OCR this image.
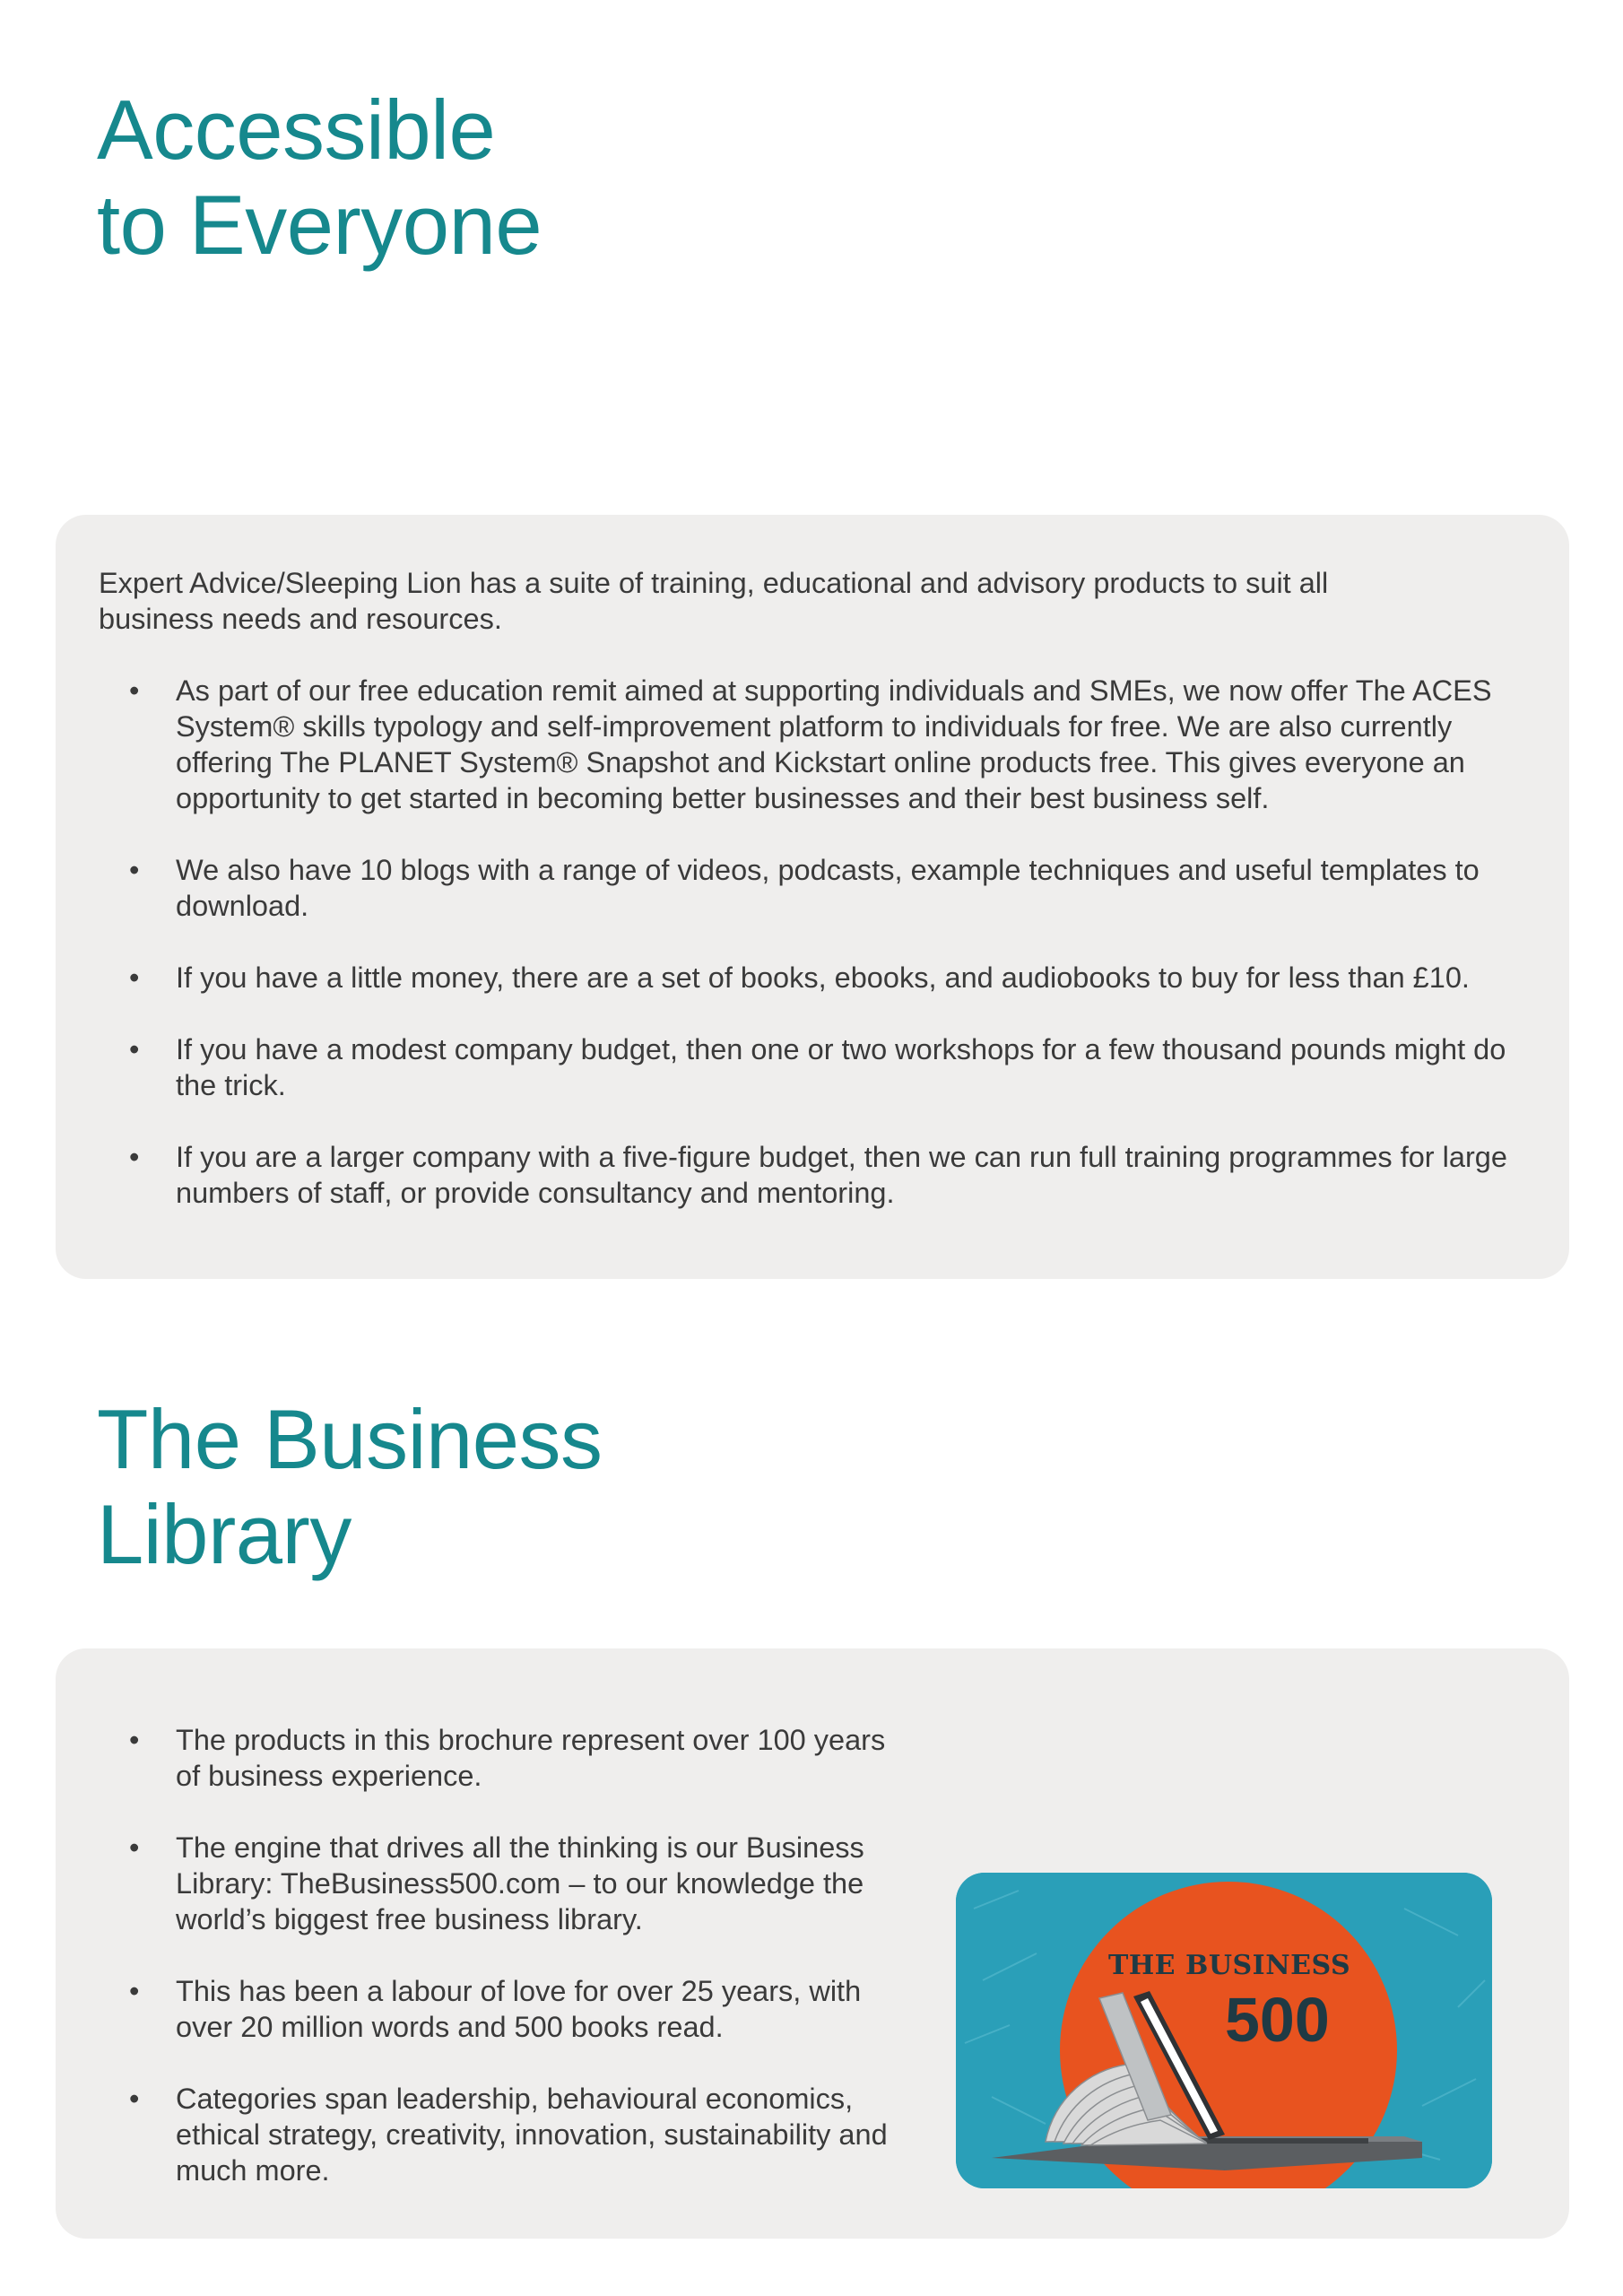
Accessible
to Everyone

Expert Advice/Sleeping Lion has a suite of training, educational and advisory products to suit all business needs and resources.

• As part of our free education remit aimed at supporting individuals and SMEs, we now offer The ACES System® skills typology and self-improvement platform to individuals for free. We are also currently offering The PLANET System® Snapshot and Kickstart online products free. This gives everyone an opportunity to get started in becoming better businesses and their best business self.
• We also have 10 blogs with a range of videos, podcasts, example techniques and useful templates to download.
• If you have a little money, there are a set of books, ebooks, and audiobooks to buy for less than £10.
• If you have a modest company budget, then one or two workshops for a few thousand pounds might do the trick.
• If you are a larger company with a five-figure budget, then we can run full training programmes for large numbers of staff, or provide consultancy and mentoring.
The Business
Library
• The products in this brochure represent over 100 years of business experience.
• The engine that drives all the thinking is our Business Library: TheBusiness500.com – to our knowledge the world’s biggest free business library.
• This has been a labour of love for over 25 years, with over 20 million words and 500 books read.
• Categories span leadership, behavioural economics, ethical strategy, creativity, innovation, sustainability and much more.
THE BUSINESS
500
